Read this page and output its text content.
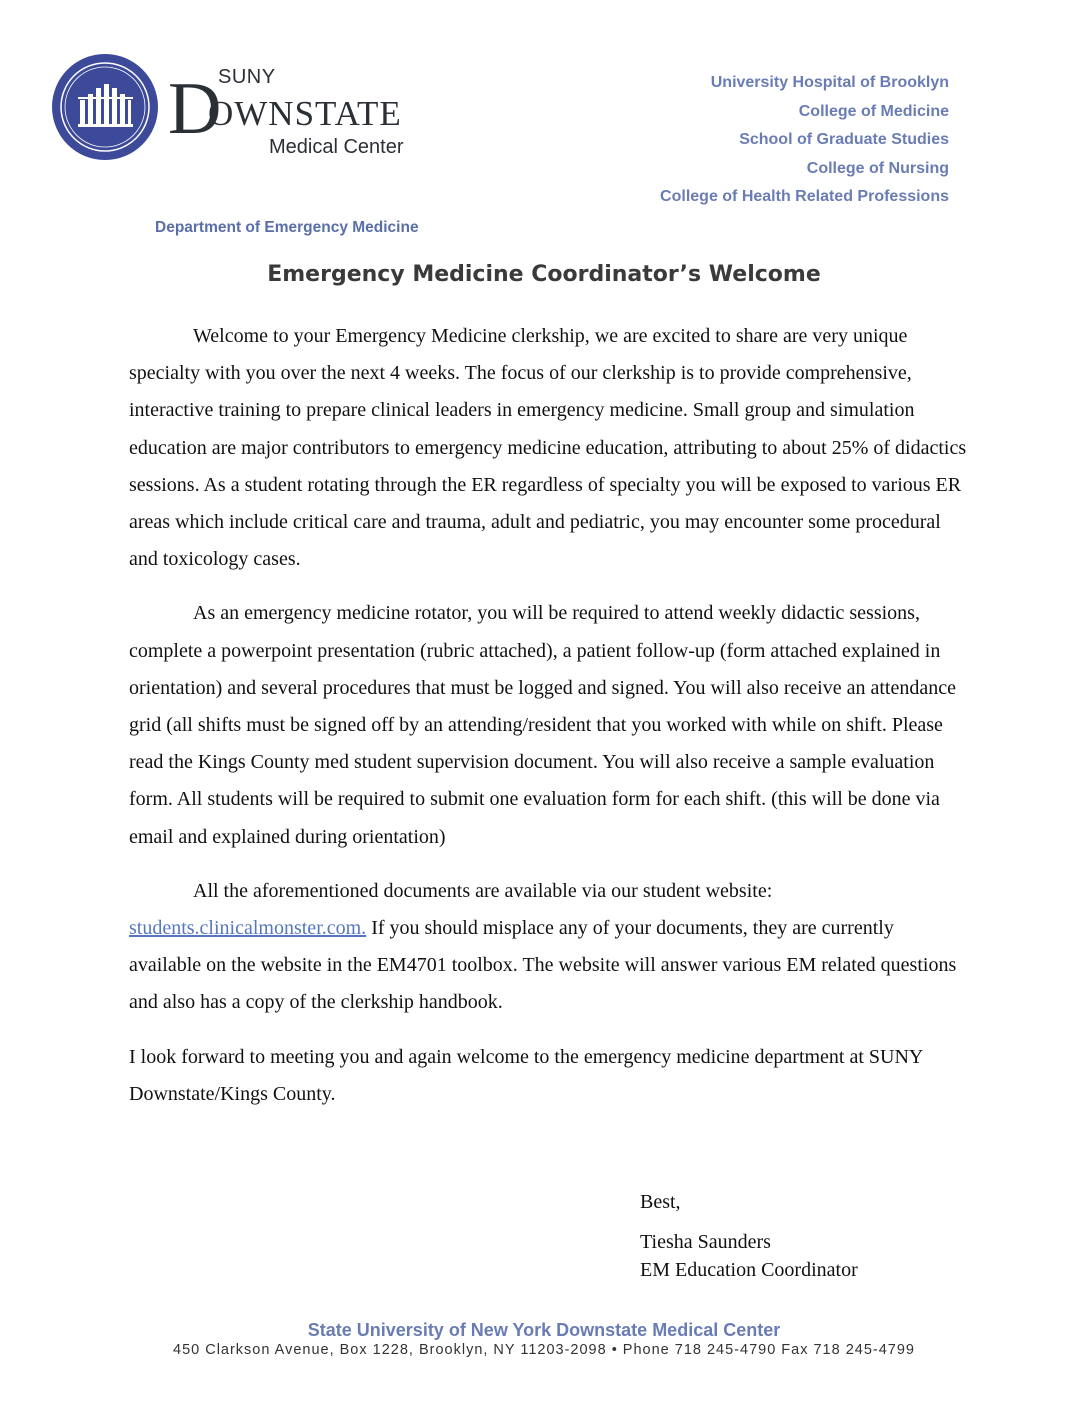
SUNY
D
OWNSTATE
Medical Center
University Hospital of Brooklyn
College of Medicine
School of Graduate Studies
College of Nursing
College of Health Related Professions
Department of Emergency Medicine
Emergency Medicine Coordinator’s Welcome

Welcome to your Emergency Medicine clerkship, we are excited to share are very unique specialty with you over the next 4 weeks. The focus of our clerkship is to provide comprehensive, interactive training to prepare clinical leaders in emergency medicine. Small group and simulation education are major contributors to emergency medicine education, attributing to about 25% of didactics sessions. As a student rotating through the ER regardless of specialty you will be exposed to various ER areas which include critical care and trauma, adult and pediatric, you may encounter some procedural and toxicology cases.

As an emergency medicine rotator, you will be required to attend weekly didactic sessions, complete a powerpoint presentation (rubric attached), a patient follow-up (form attached explained in orientation) and several procedures that must be logged and signed. You will also receive an attendance grid (all shifts must be signed off by an attending/resident that you worked with while on shift. Please read the Kings County med student supervision document. You will also receive a sample evaluation form. All students will be required to submit one evaluation form for each shift. (this will be done via email and explained during orientation)

All the aforementioned documents are available via our student website:
students.clinicalmonster.com. If you should misplace any of your documents, they are currently available on the website in the EM4701 toolbox. The website will answer various EM related questions and also has a copy of the clerkship handbook.

I look forward to meeting you and again welcome to the emergency medicine department at SUNY Downstate/Kings County.

Best,
Tiesha Saunders
EM Education Coordinator
State University of New York Downstate Medical Center
450 Clarkson Avenue, Box 1228, Brooklyn, NY 11203-2098 • Phone 718 245-4790 Fax 718 245-4799
